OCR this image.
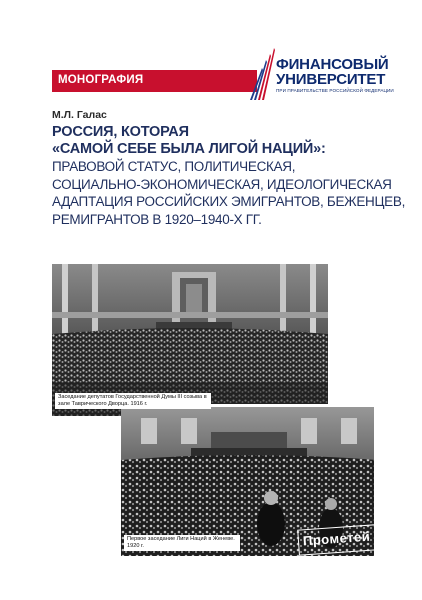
МОНОГРАФИЯ
ФИНАНСОВЫЙ
УНИВЕРСИТЕТ
ПРИ ПРАВИТЕЛЬСТВЕ РОССИЙСКОЙ ФЕДЕРАЦИИ
М.Л. Галас
РОССИЯ, КОТОРАЯ
«САМОЙ СЕБЕ БЫЛА ЛИГОЙ НАЦИЙ»:
ПРАВОВОЙ СТАТУС, ПОЛИТИЧЕСКАЯ,
СОЦИАЛЬНО-ЭКОНОМИЧЕСКАЯ, ИДЕОЛОГИЧЕСКАЯ
АДАПТАЦИЯ РОССИЙСКИХ ЭМИГРАНТОВ, БЕЖЕНЦЕВ,
РЕМИГРАНТОВ В 1920–1940-Х ГГ.
Заседание депутатов Государственной Думы III созыва в зале Таврического Дворца. 1916 г.
Первое заседание Лиги Наций в Женеве. 1920 г.	Прометей
